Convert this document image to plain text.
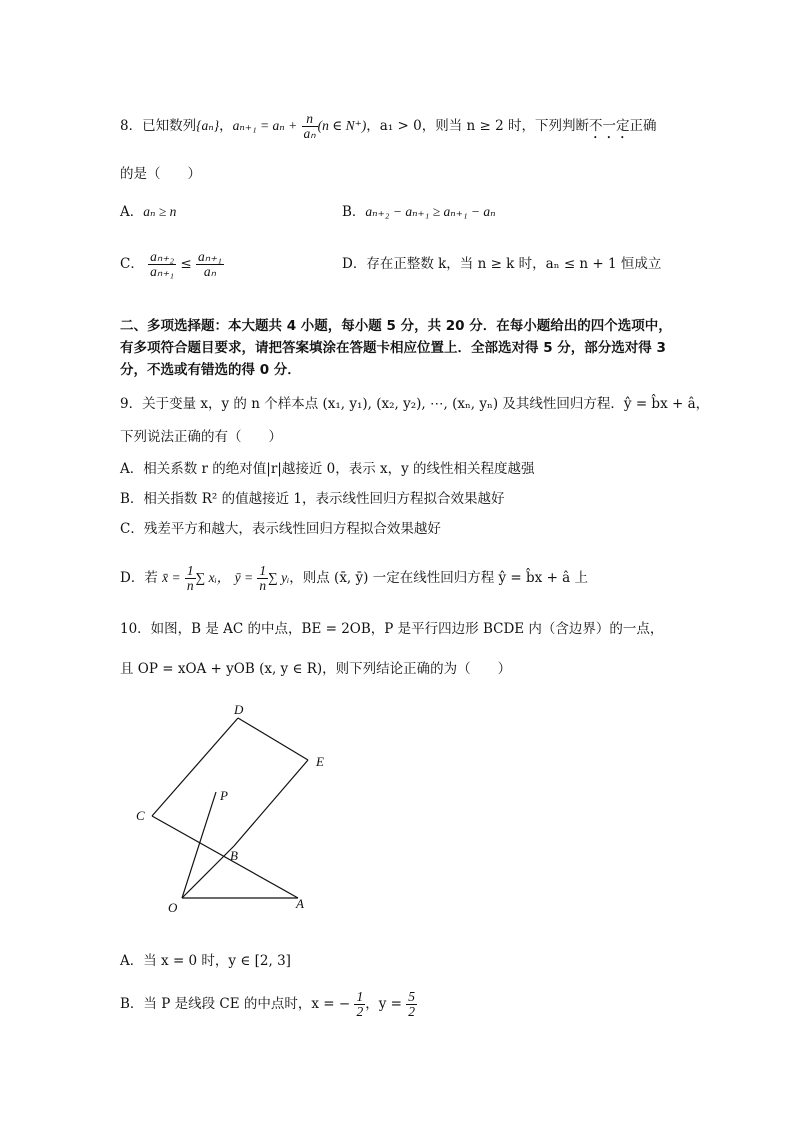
8．已知数列{aₙ}，$a_{n+1} = a_n + \frac{n}{\text{aₙ}} (n$ ∈ N⁺)，a₁ > 0，则当 n ≥ 2 时，下列判断不一定正确
的是（　　）
A．aₙ ≥ n	B．aₙ₊₂ − aₙ₊₁ ≥ aₙ₊₁ − aₙ
C． $\frac{\text{aₙ₊₂}}{\text{aₙ₊₁}} \le \frac{\text{aₙ₊₁}}{\text{aₙ}}$	D．存在正整数 k，当 n ≥ k 时，aₙ ≤ n + 1 恒成立
二、多项选择题：本大题共 4 小题，每小题 5 分，共 20 分．在每小题给出的四个选项中，
有多项符合题目要求，请把答案填涂在答题卡相应位置上．全部选对得 5 分，部分选对得 3
分，不选或有错选的得 0 分．
9．关于变量 x，y 的 n 个样本点 (x₁, y₁), (x₂, y₂), ⋯, (xₙ, yₙ) 及其线性回归方程．ŷ = b̂x + â，
下列说法正确的有（　　）
A．相关系数 r 的绝对值|r|越接近 0，表示 x，y 的线性相关程度越强
B．相关指数 R² 的值越接近 1，表示线性回归方程拟合效果越好
C．残差平方和越大，表示线性回归方程拟合效果越好
D．若 x̄ = $\frac{1}{n}$ ∑ xᵢ， ȳ = $\frac{1}{n}$ ∑ yᵢ，则点 (x̄, ȳ) 一定在线性回归方程 ŷ = b̂x + â 上
10．如图，B 是 AC 的中点，BE = 2OB，P 是平行四边形 BCDE 内（含边界）的一点，
且 OP = xOA + yOB (x, y ∈ R)，则下列结论正确的为（　　）
D
E
C
P
B
O	A
A．当 x = 0 时，y ∈ [2, 3]
B．当 P 是线段 CE 的中点时，x = − $\frac{1}{2}$ ，$y = \frac{5}{2}$
